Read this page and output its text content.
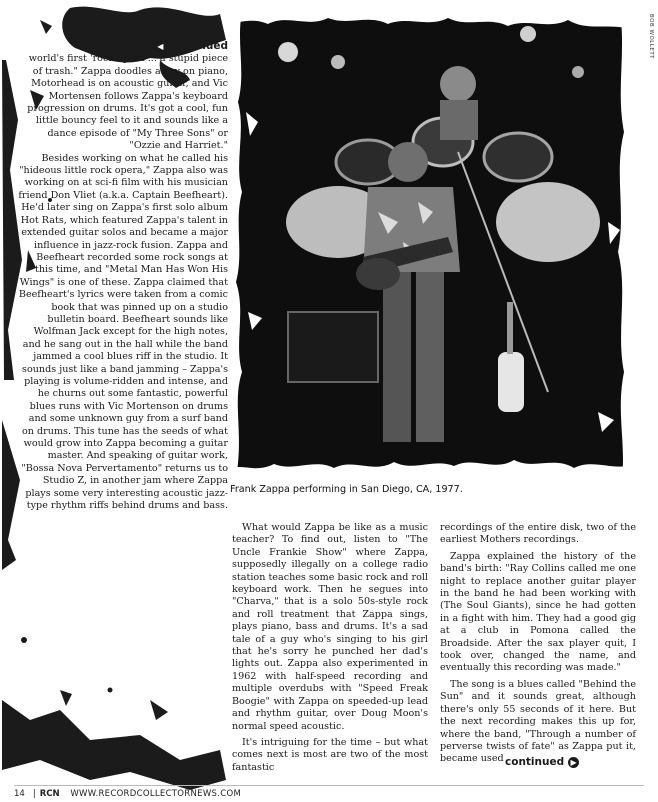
◀ continued

world's first 'rock opera'... a stupid piece of trash." Zappa doodles away on piano, Motorhead is on acoustic guitar, and Vic Mortensen follows Zappa's keyboard progression on drums. It's got a cool, fun little bouncy feel to it and sounds like a dance episode of "My Three Sons" or "Ozzie and Harriet."

Besides working on what he called his "hideous little rock opera," Zappa also was working on at sci-fi film with his musician friend Don Vliet (a.k.a. Captain Beefheart). He'd later sing on Zappa's first solo album Hot Rats, which featured Zappa's talent in extended guitar solos and became a major influence in jazz-rock fusion. Zappa and Beefheart recorded some rock songs at this time, and "Metal Man Has Won His Wings" is one of these. Zappa claimed that Beefheart's lyrics were taken from a comic book that was pinned up on a studio bulletin board. Beefheart sounds like Wolfman Jack except for the high notes, and he sang out in the hall while the band jammed a cool blues riff in the studio. It sounds just like a band jamming – Zappa's playing is volume-ridden and intense, and he churns out some fantastic, powerful blues runs with Vic Mortenson on drums and some unknown guy from a surf band on drums. This tune has the seeds of what would grow into Zappa becoming a guitar master. And speaking of guitar work, "Bossa Nova Pervertamento" returns us to Studio Z, in another jam where Zappa plays some very interesting acoustic jazz-type rhythm riffs behind drums and bass.

BOB WOLLETT
Frank Zappa performing in San Diego, CA, 1977.

What would Zappa be like as a music teacher? To find out, listen to "The Uncle Frankie Show" where Zappa, supposedly illegally on a college radio station teaches some basic rock and roll keyboard work. Then he segues into "Charva," that is a solo 50s-style rock and roll treatment that Zappa sings, plays piano, bass and drums. It's a sad tale of a guy who's singing to his girl that he's sorry he punched her dad's lights out. Zappa also experimented in 1962 with half-speed recording and multiple overdubs with "Speed Freak Boogie" with Zappa on speeded-up lead and rhythm guitar, over Doug Moon's normal speed acoustic.

It's intriguing for the time – but what comes next is most are two of the most fantastic

recordings of the entire disk, two of the earliest Mothers recordings.

Zappa explained the history of the band's birth: "Ray Collins called me one night to replace another guitar player in the band he had been working with (The Soul Giants), since he had gotten in a fight with him. They had a good gig at a club in Pomona called the Broadside. After the sax player quit, I took over, changed the name, and eventually this recording was made."

The song is a blues called "Behind the Sun" and it sounds great, although there's only 55 seconds of it here. But the next recording makes this up for, where the band, "Through a number of perverse twists of fate" as Zappa put it, became used continued ▶
14 | RCN WWW.RECORDCOLLECTORNEWS.COM
